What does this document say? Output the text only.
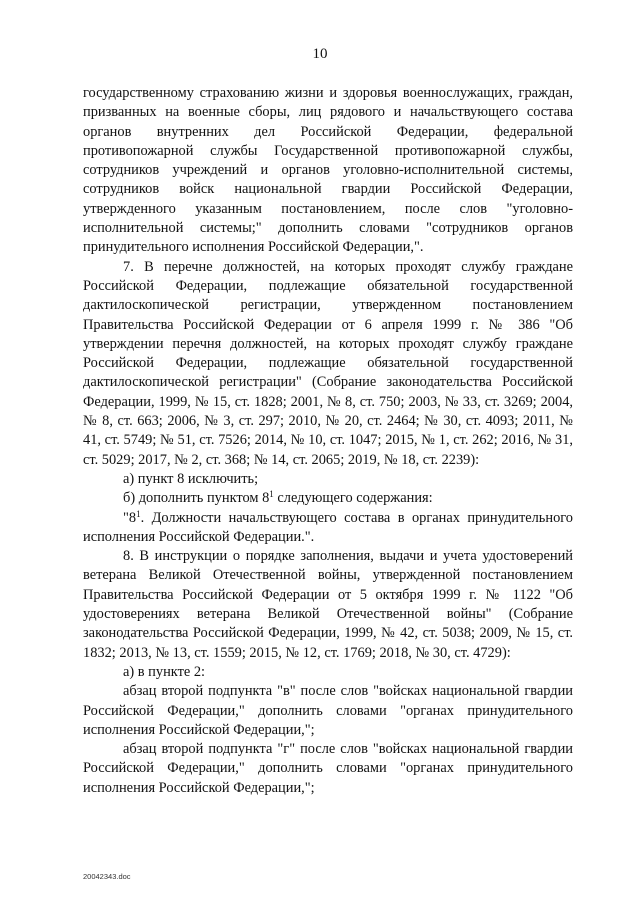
10

государственному страхованию жизни и здоровья военнослужащих, граждан, призванных на военные сборы, лиц рядового и начальствующего состава органов внутренних дел Российской Федерации, федеральной противопожарной службы Государственной противопожарной службы, сотрудников учреждений и органов уголовно-исполнительной системы, сотрудников войск национальной гвардии Российской Федерации, утвержденного указанным постановлением, после слов "уголовно-исполнительной системы;" дополнить словами "сотрудников органов принудительного исполнения Российской Федерации,".

7. В перечне должностей, на которых проходят службу граждане Российской Федерации, подлежащие обязательной государственной дактилоскопической регистрации, утвержденном постановлением Правительства Российской Федерации от 6 апреля 1999 г. № 386 "Об утверждении перечня должностей, на которых проходят службу граждане Российской Федерации, подлежащие обязательной государственной дактилоскопической регистрации" (Собрание законодательства Российской Федерации, 1999, № 15, ст. 1828; 2001, № 8, ст. 750; 2003, № 33, ст. 3269; 2004, № 8, ст. 663; 2006, № 3, ст. 297; 2010, № 20, ст. 2464; № 30, ст. 4093; 2011, № 41, ст. 5749; № 51, ст. 7526; 2014, № 10, ст. 1047; 2015, № 1, ст. 262; 2016, № 31, ст. 5029; 2017, № 2, ст. 368; № 14, ст. 2065; 2019, № 18, ст. 2239):

а) пункт 8 исключить;

б) дополнить пунктом $8^1$ следующего содержания:

"$8^1$. Должности начальствующего состава в органах принудительного исполнения Российской Федерации.".

8. В инструкции о порядке заполнения, выдачи и учета удостоверений ветерана Великой Отечественной войны, утвержденной постановлением Правительства Российской Федерации от 5 октября 1999 г. № 1122 "Об удостоверениях ветерана Великой Отечественной войны" (Собрание законодательства Российской Федерации, 1999, № 42, ст. 5038; 2009, № 15, ст. 1832; 2013, № 13, ст. 1559; 2015, № 12, ст. 1769; 2018, № 30, ст. 4729):

а) в пункте 2:

абзац второй подпункта "в" после слов "войсках национальной гвардии Российской Федерации," дополнить словами "органах принудительного исполнения Российской Федерации,";

абзац второй подпункта "г" после слов "войсках национальной гвардии Российской Федерации," дополнить словами "органах принудительного исполнения Российской Федерации,";

20042343.doc
